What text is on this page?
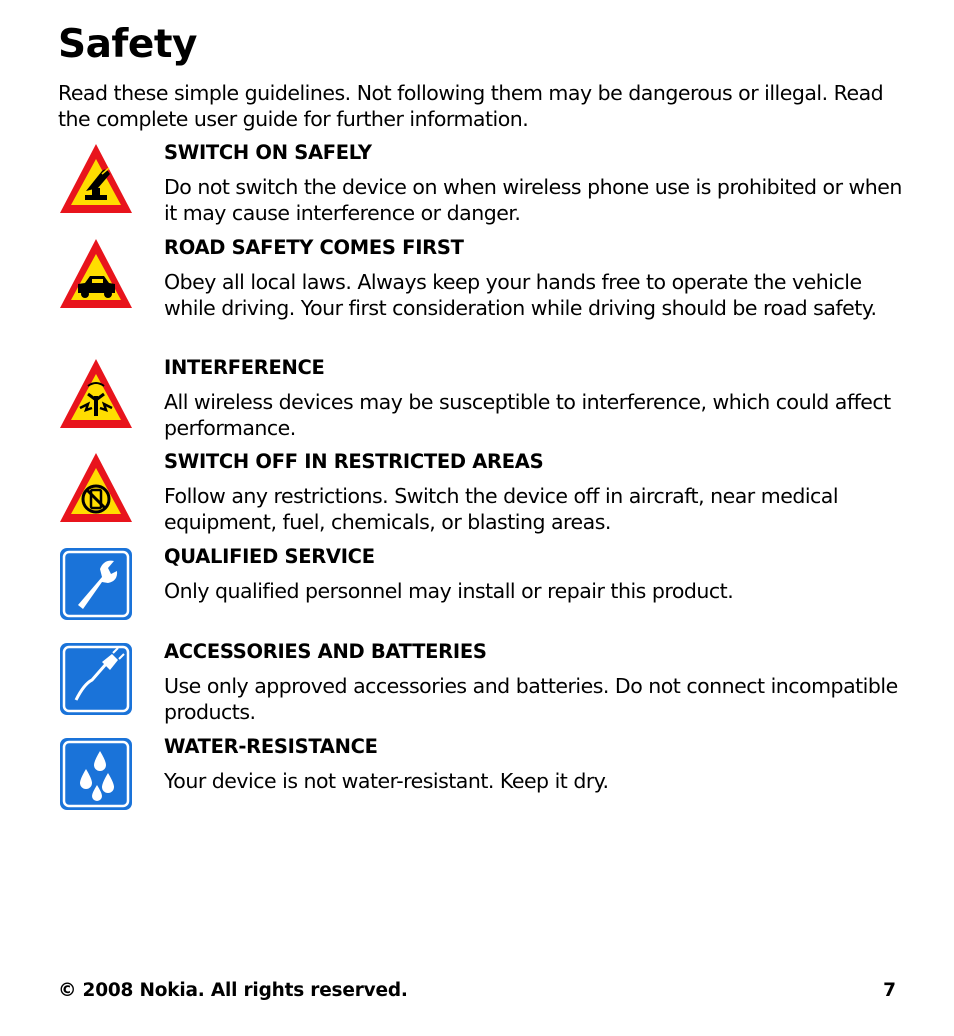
Safety

Read these simple guidelines. Not following them may be dangerous or illegal. Read the complete user guide for further information.

SWITCH ON SAFELY

Do not switch the device on when wireless phone use is prohibited or when it may cause interference or danger.

ROAD SAFETY COMES FIRST

Obey all local laws. Always keep your hands free to operate the vehicle while driving. Your first consideration while driving should be road safety.

INTERFERENCE

All wireless devices may be susceptible to interference, which could affect performance.

SWITCH OFF IN RESTRICTED AREAS

Follow any restrictions. Switch the device off in aircraft, near medical equipment, fuel, chemicals, or blasting areas.

QUALIFIED SERVICE

Only qualified personnel may install or repair this product.

ACCESSORIES AND BATTERIES

Use only approved accessories and batteries. Do not connect incompatible products.

WATER-RESISTANCE

Your device is not water-resistant. Keep it dry.

© 2008 Nokia. All rights reserved.	7
